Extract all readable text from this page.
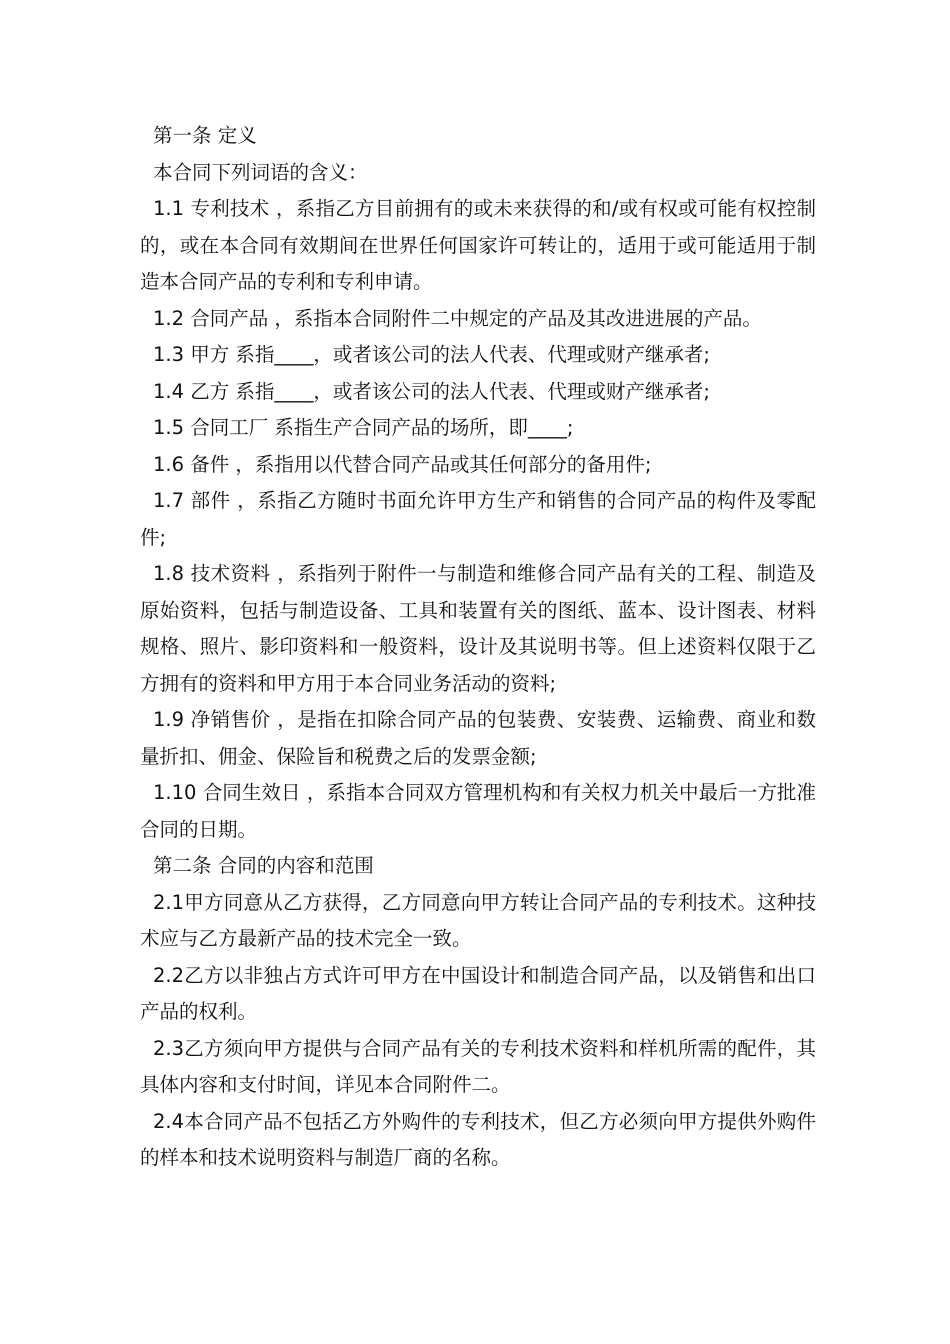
第一条 定义

本合同下列词语的含义：

1.1 专利技术 ，系指乙方目前拥有的或未来获得的和/或有权或可能有权控制的，或在本合同有效期间在世界任何国家许可转让的，适用于或可能适用于制造本合同产品的专利和专利申请。

1.2 合同产品 ，系指本合同附件二中规定的产品及其改进进展的产品。

1.3 甲方 系指____，或者该公司的法人代表、代理或财产继承者;

1.4 乙方 系指____，或者该公司的法人代表、代理或财产继承者;

1.5 合同工厂 系指生产合同产品的场所，即____;

1.6 备件 ，系指用以代替合同产品或其任何部分的备用件;

1.7 部件 ，系指乙方随时书面允许甲方生产和销售的合同产品的构件及零配件;

1.8 技术资料 ，系指列于附件一与制造和维修合同产品有关的工程、制造及原始资料，包括与制造设备、工具和装置有关的图纸、蓝本、设计图表、材料规格、照片、影印资料和一般资料，设计及其说明书等。但上述资料仅限于乙方拥有的资料和甲方用于本合同业务活动的资料;

1.9 净销售价 ，是指在扣除合同产品的包装费、安装费、运输费、商业和数量折扣、佣金、保险旨和税费之后的发票金额;

1.10 合同生效日 ，系指本合同双方管理机构和有关权力机关中最后一方批准合同的日期。

第二条 合同的内容和范围

2.1甲方同意从乙方获得，乙方同意向甲方转让合同产品的专利技术。这种技术应与乙方最新产品的技术完全一致。

2.2乙方以非独占方式许可甲方在中国设计和制造合同产品，以及销售和出口产品的权利。

2.3乙方须向甲方提供与合同产品有关的专利技术资料和样机所需的配件，其具体内容和支付时间，详见本合同附件二。

2.4本合同产品不包括乙方外购件的专利技术，但乙方必须向甲方提供外购件的样本和技术说明资料与制造厂商的名称。
